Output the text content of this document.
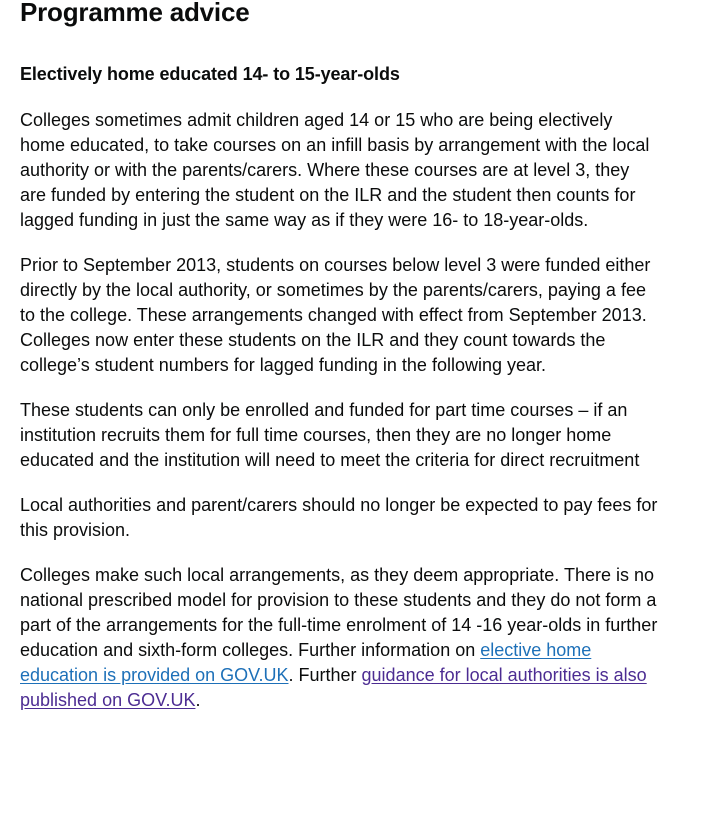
Programme advice
Electively home educated 14- to 15-year-olds

Colleges sometimes admit children aged 14 or 15 who are being electively home educated, to take courses on an infill basis by arrangement with the local authority or with the parents/carers. Where these courses are at level 3, they are funded by entering the student on the ILR and the student then counts for lagged funding in just the same way as if they were 16- to 18-year-olds.

Prior to September 2013, students on courses below level 3 were funded either directly by the local authority, or sometimes by the parents/carers, paying a fee to the college. These arrangements changed with effect from September 2013. Colleges now enter these students on the ILR and they count towards the college’s student numbers for lagged funding in the following year.

These students can only be enrolled and funded for part time courses – if an institution recruits them for full time courses, then they are no longer home educated and the institution will need to meet the criteria for direct recruitment

Local authorities and parent/carers should no longer be expected to pay fees for this provision.

Colleges make such local arrangements, as they deem appropriate. There is no national prescribed model for provision to these students and they do not form a part of the arrangements for the full-time enrolment of 14 -16 year-olds in further education and sixth-form colleges. Further information on elective home education is provided on GOV.UK. Further guidance for local authorities is also published on GOV.UK.
